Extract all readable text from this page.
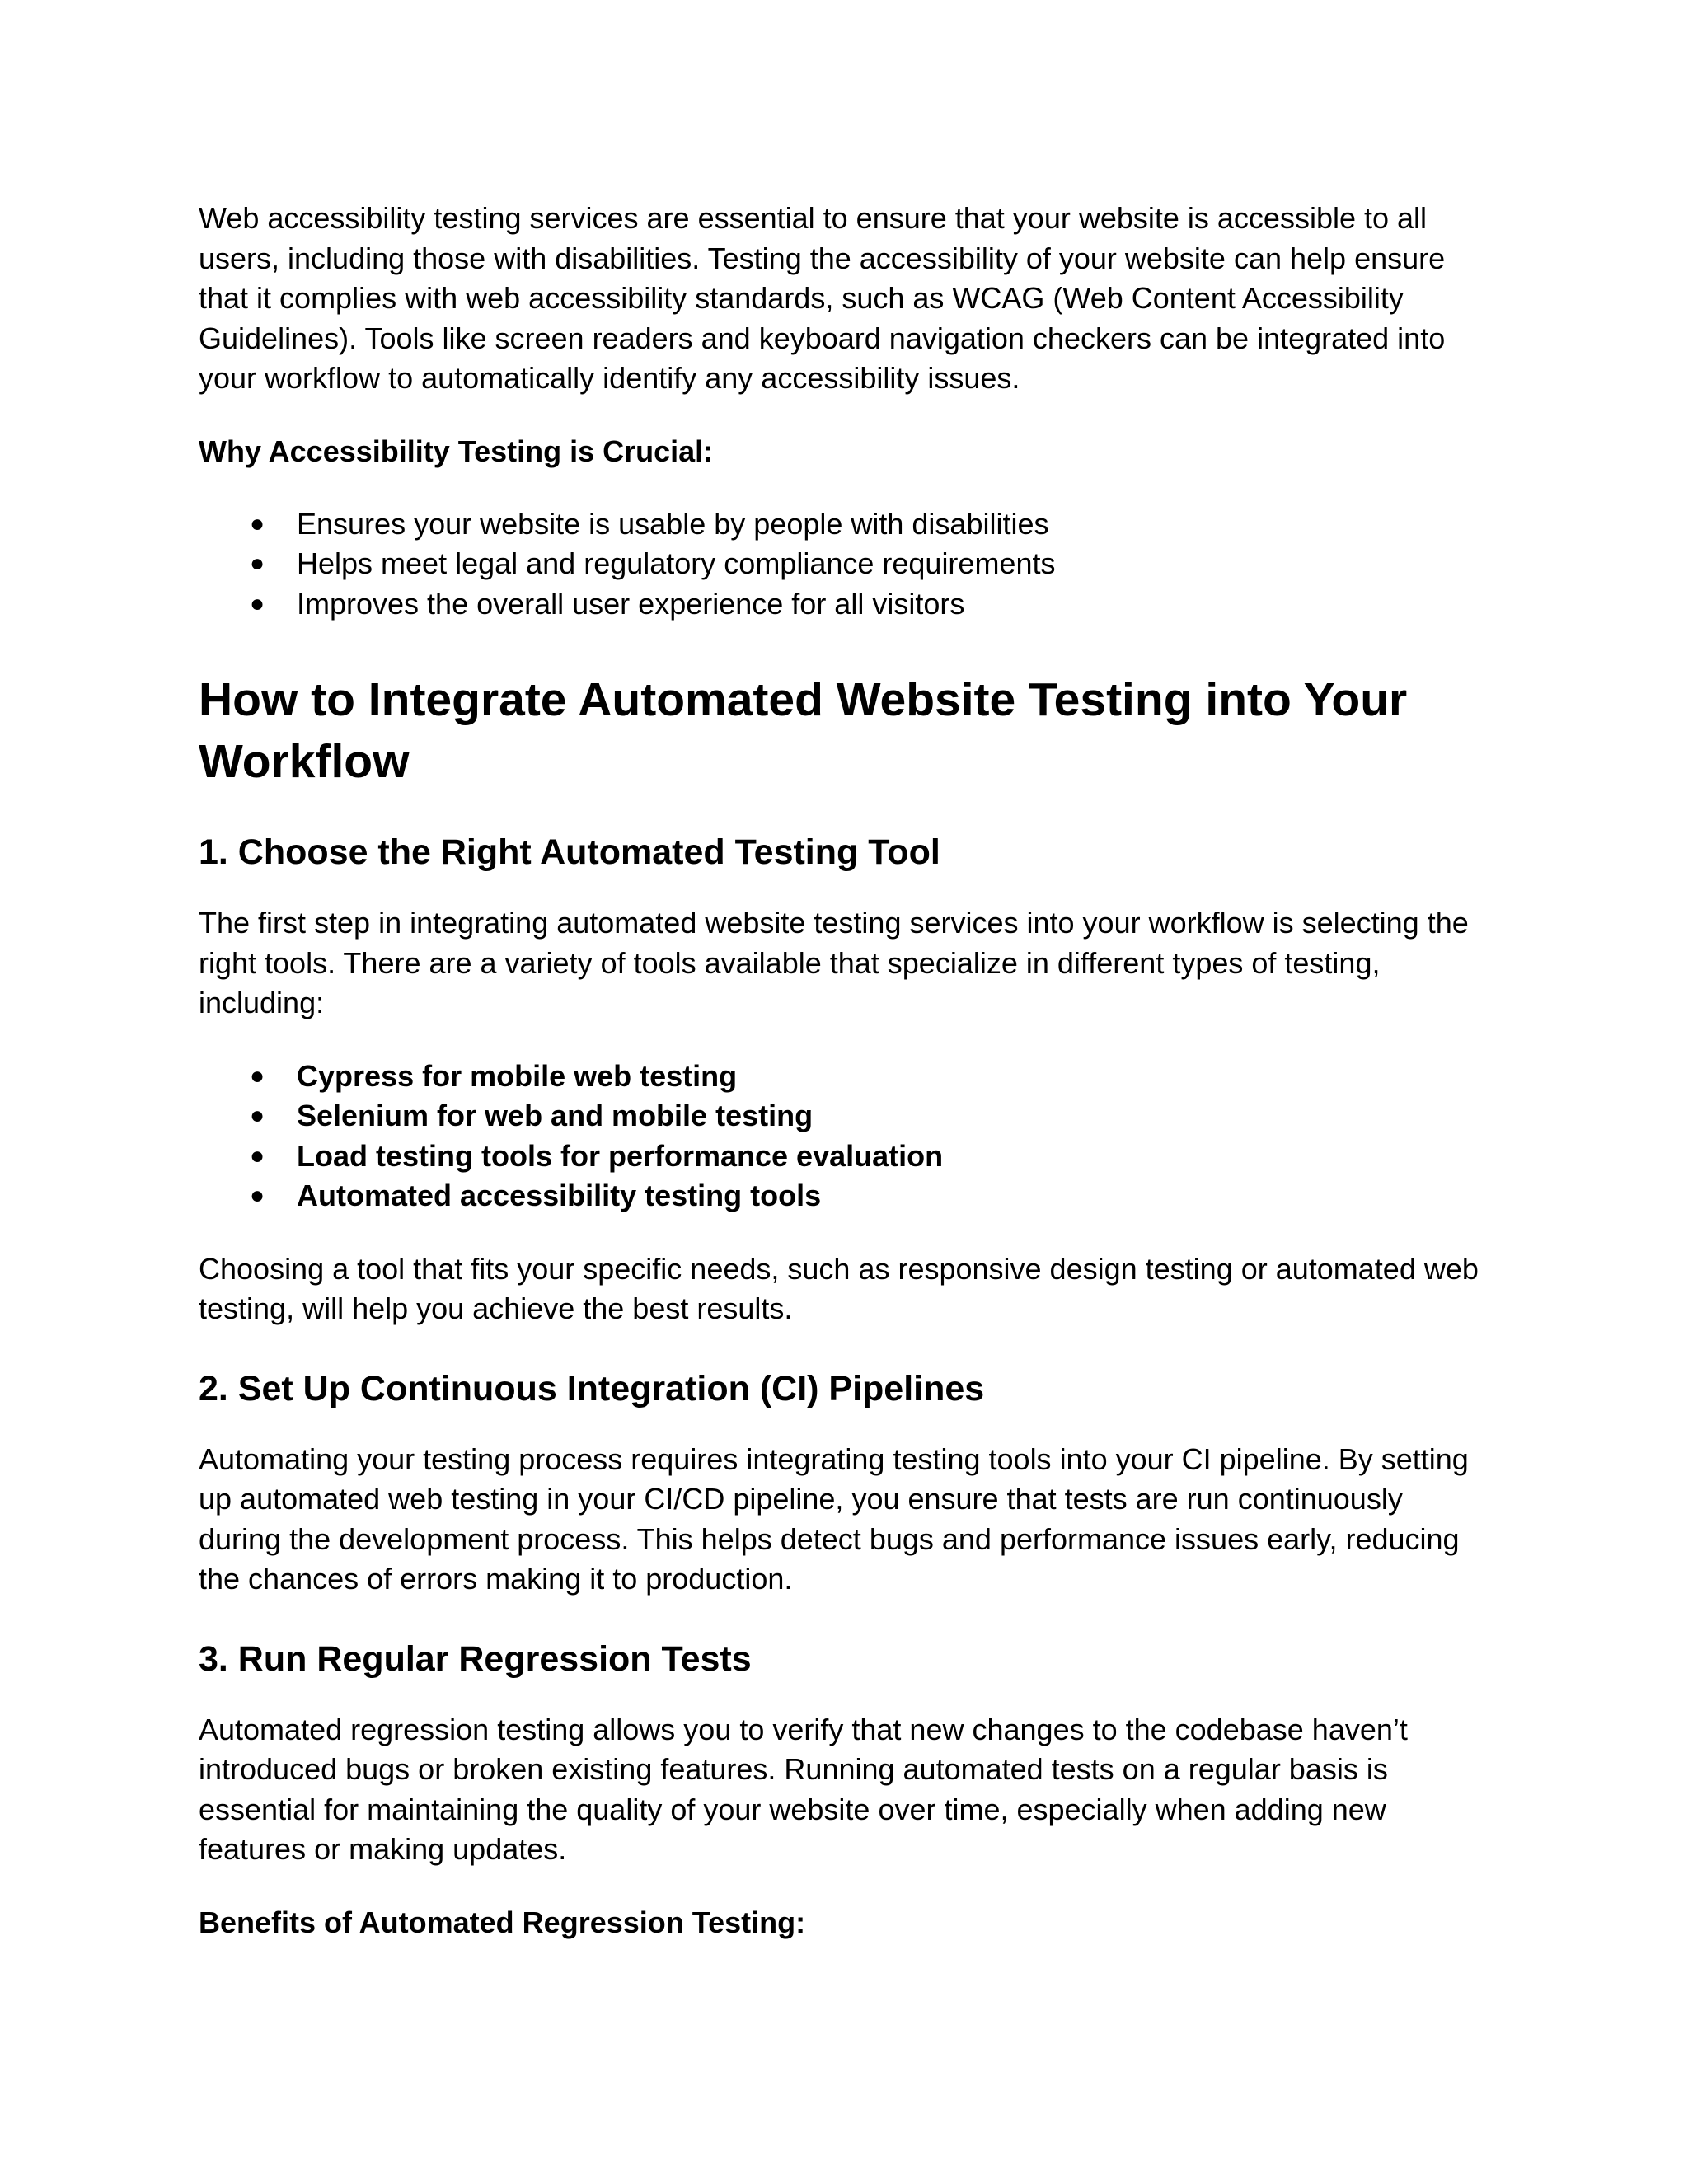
Web accessibility testing services are essential to ensure that your website is accessible to all users, including those with disabilities. Testing the accessibility of your website can help ensure that it complies with web accessibility standards, such as WCAG (Web Content Accessibility Guidelines). Tools like screen readers and keyboard navigation checkers can be integrated into your workflow to automatically identify any accessibility issues.

Why Accessibility Testing is Crucial:

● Ensures your website is usable by people with disabilities
● Helps meet legal and regulatory compliance requirements
● Improves the overall user experience for all visitors
How to Integrate Automated Website Testing into Your Workflow
1. Choose the Right Automated Testing Tool

The first step in integrating automated website testing services into your workflow is selecting the right tools. There are a variety of tools available that specialize in different types of testing, including:

● Cypress for mobile web testing
● Selenium for web and mobile testing
● Load testing tools for performance evaluation
● Automated accessibility testing tools

Choosing a tool that fits your specific needs, such as responsive design testing or automated web testing, will help you achieve the best results.

2. Set Up Continuous Integration (CI) Pipelines

Automating your testing process requires integrating testing tools into your CI pipeline. By setting up automated web testing in your CI/CD pipeline, you ensure that tests are run continuously during the development process. This helps detect bugs and performance issues early, reducing the chances of errors making it to production.

3. Run Regular Regression Tests

Automated regression testing allows you to verify that new changes to the codebase haven’t introduced bugs or broken existing features. Running automated tests on a regular basis is essential for maintaining the quality of your website over time, especially when adding new features or making updates.

Benefits of Automated Regression Testing:
